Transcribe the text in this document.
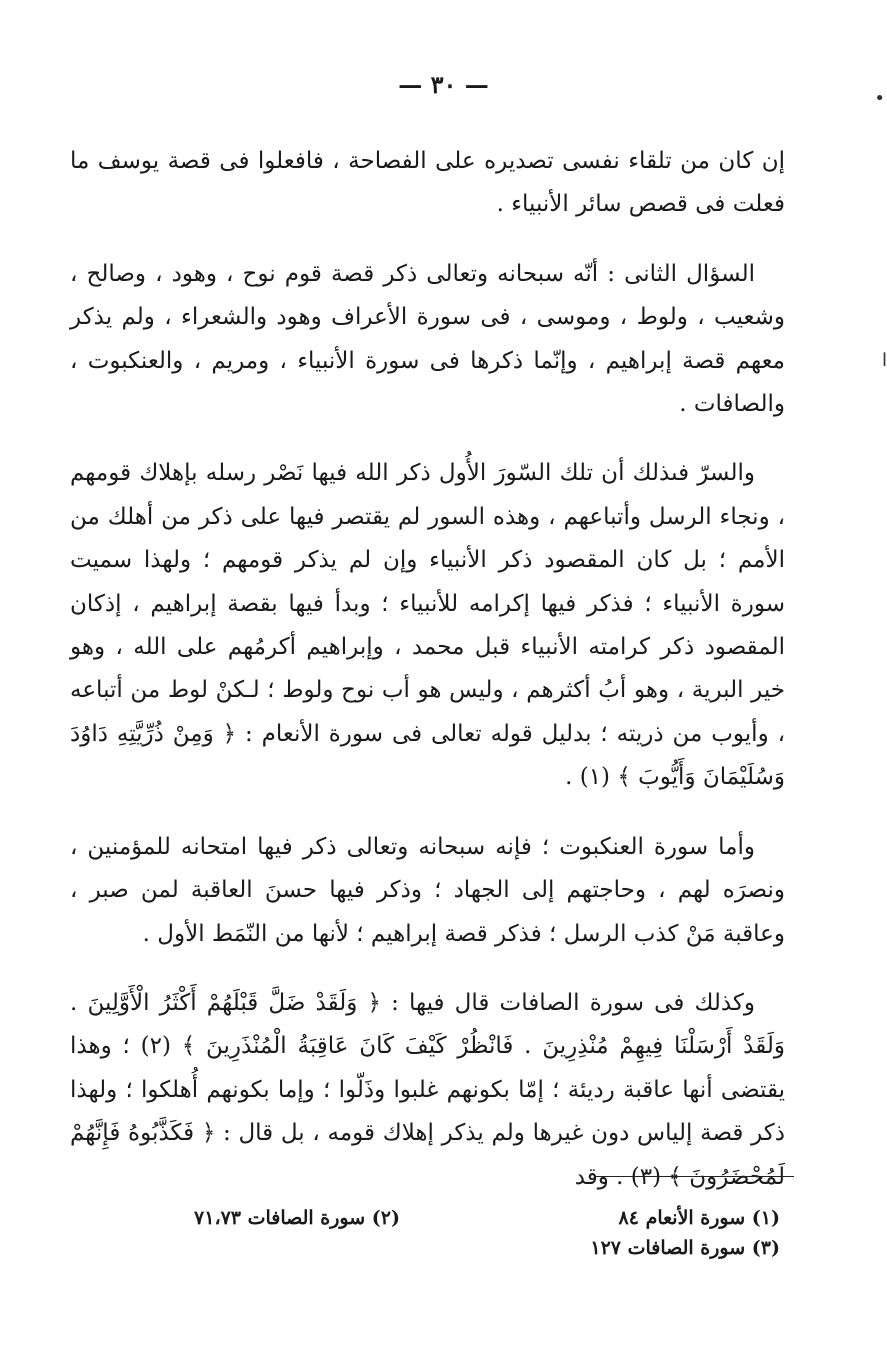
•
ا
— ٣٠ —

إن كان من تلقاء نفسى تصديره على الفصاحة ، فافعلوا فى قصة يوسف ما فعلت فى قصص سائر الأنبياء .

السؤال الثانى : أنّه سبحانه وتعالى ذكر قصة قوم نوح ، وهود ، وصالح ، وشعيب ، ولوط ، وموسى ، فى سورة الأعراف وهود والشعراء ، ولم يذكر معهم قصة إبراهيم ، وإنّما ذكرها فى سورة الأنبياء ، ومريم ، والعنكبوت ، والصافات .

والسرّ فىذلك أن تلك السّورَ الأُول ذكر الله فيها نَصْر رسله بإهلاك قومهم ، ونجاء الرسل وأتباعهم ، وهذه السور لم يقتصر فيها على ذكر من أهلك من الأمم ؛ بل كان المقصود ذكر الأنبياء وإن لم يذكر قومهم ؛ ولهذا سميت سورة الأنبياء ؛ فذكر فيها إكرامه للأنبياء ؛ وبدأ فيها بقصة إبراهيم ، إذكان المقصود ذكر كرامته الأنبياء قبل محمد ، وإبراهيم أكرمُهم على الله ، وهو خير البرية ، وهو أبُ أكثرهم ، وليس هو أب نوح ولوط ؛ لـكنْ لوط من أتباعه ، وأيوب من ذريته ؛ بدليل قوله تعالى فى سورة الأنعام : ﴿ وَمِنْ ذُرِّيَّتِهِ دَاوُدَ وَسُلَيْمَانَ وَأَيُّوبَ ﴾ (١) .

وأما سورة العنكبوت ؛ فإنه سبحانه وتعالى ذكر فيها امتحانه للمؤمنين ، ونصرَه لهم ، وحاجتهم إلى الجهاد ؛ وذكر فيها حسنَ العاقبة لمن صبر ، وعاقبة مَنْ كذب الرسل ؛ فذكر قصة إبراهيم ؛ لأنها من النّمَط الأول .

وكذلك فى سورة الصافات قال فيها : ﴿ وَلَقَدْ ضَلَّ قَبْلَهُمْ أَكْثَرُ الْأَوَّلِينَ . وَلَقَدْ أَرْسَلْنَا فِيهِمْ مُنْذِرِينَ . فَانْظُرْ كَيْفَ كَانَ عَاقِبَةُ الْمُنْذَرِينَ ﴾ (٢) ؛ وهذا يقتضى أنها عاقبة رديئة ؛ إمّا بكونهم غلبوا وذَلّوا ؛ وإما بكونهم أُهلكوا ؛ ولهذا ذكر قصة إلياس دون غيرها ولم يذكر إهلاك قومه ، بل قال : ﴿ فَكَذَّبُوهُ فَإِنَّهُمْ لَمُحْضَرُونَ ﴾ (٣) . وقد

(١) سورة الأنعام ٨٤
(٢) سورة الصافات ٧١،٧٣
(٣) سورة الصافات ١٢٧
